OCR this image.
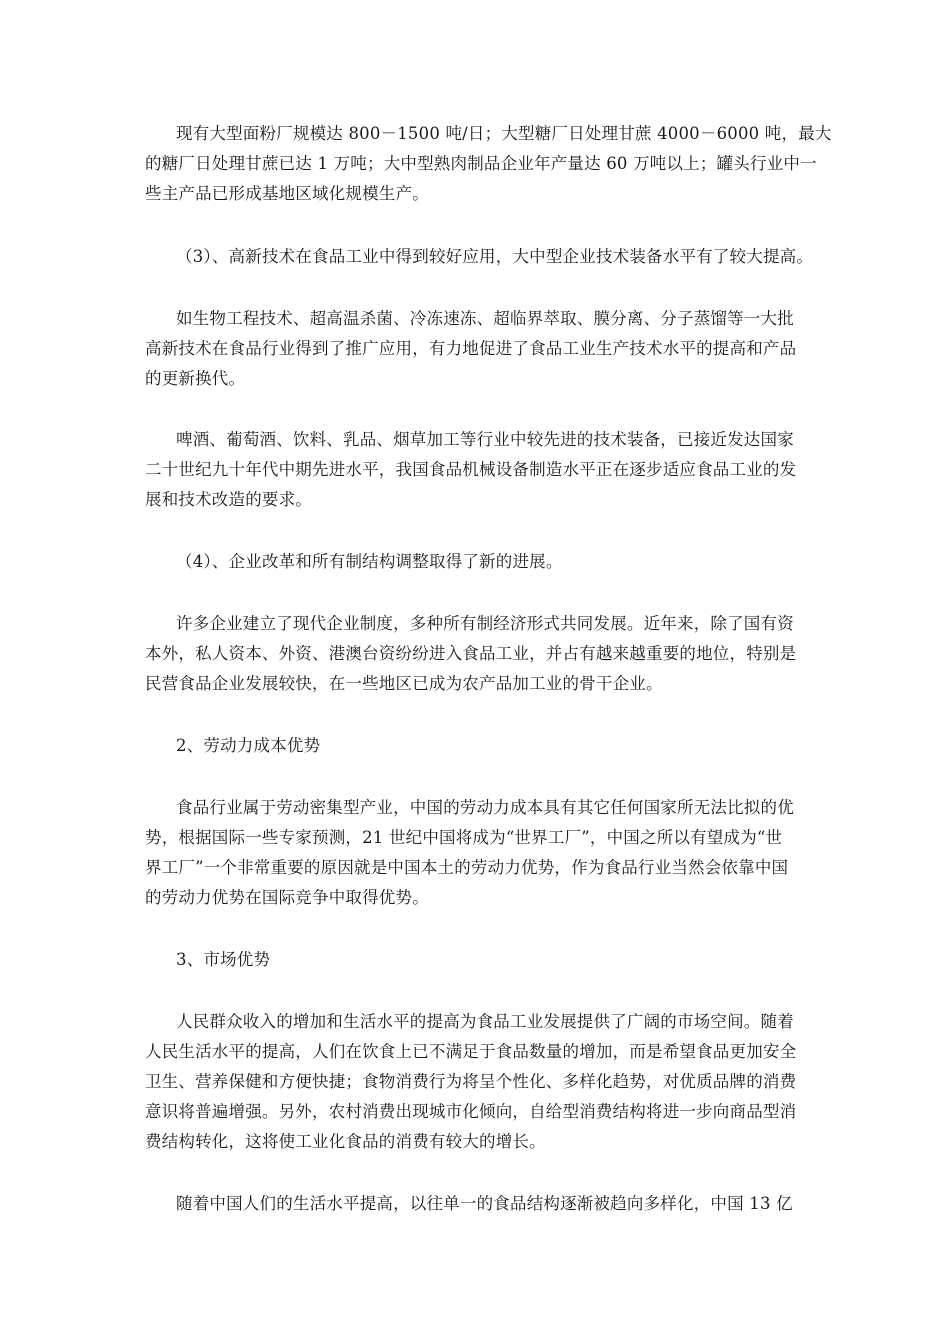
现有大型面粉厂规模达 800－1500 吨/日；大型糖厂日处理甘蔗 4000－6000 吨，最大
的糖厂日处理甘蔗已达 1 万吨；大中型熟肉制品企业年产量达 60 万吨以上；罐头行业中一
些主产品已形成基地区域化规模生产。
（3）、高新技术在食品工业中得到较好应用，大中型企业技术装备水平有了较大提高。
如生物工程技术、超高温杀菌、冷冻速冻、超临界萃取、膜分离、分子蒸馏等一大批
高新技术在食品行业得到了推广应用，有力地促进了食品工业生产技术水平的提高和产品
的更新换代。
啤酒、葡萄酒、饮料、乳品、烟草加工等行业中较先进的技术装备，已接近发达国家
二十世纪九十年代中期先进水平，我国食品机械设备制造水平正在逐步适应食品工业的发
展和技术改造的要求。
（4）、企业改革和所有制结构调整取得了新的进展。
许多企业建立了现代企业制度，多种所有制经济形式共同发展。近年来，除了国有资
本外，私人资本、外资、港澳台资纷纷进入食品工业，并占有越来越重要的地位，特别是
民营食品企业发展较快，在一些地区已成为农产品加工业的骨干企业。
2、劳动力成本优势
食品行业属于劳动密集型产业，中国的劳动力成本具有其它任何国家所无法比拟的优
势，根据国际一些专家预测，21 世纪中国将成为“世界工厂”，中国之所以有望成为“世
界工厂”一个非常重要的原因就是中国本土的劳动力优势，作为食品行业当然会依靠中国
的劳动力优势在国际竞争中取得优势。
3、市场优势
人民群众收入的增加和生活水平的提高为食品工业发展提供了广阔的市场空间。随着
人民生活水平的提高，人们在饮食上已不满足于食品数量的增加，而是希望食品更加安全
卫生、营养保健和方便快捷；食物消费行为将呈个性化、多样化趋势，对优质品牌的消费
意识将普遍增强。另外，农村消费出现城市化倾向，自给型消费结构将进一步向商品型消
费结构转化，这将使工业化食品的消费有较大的增长。
随着中国人们的生活水平提高，以往单一的食品结构逐渐被趋向多样化，中国 13 亿
